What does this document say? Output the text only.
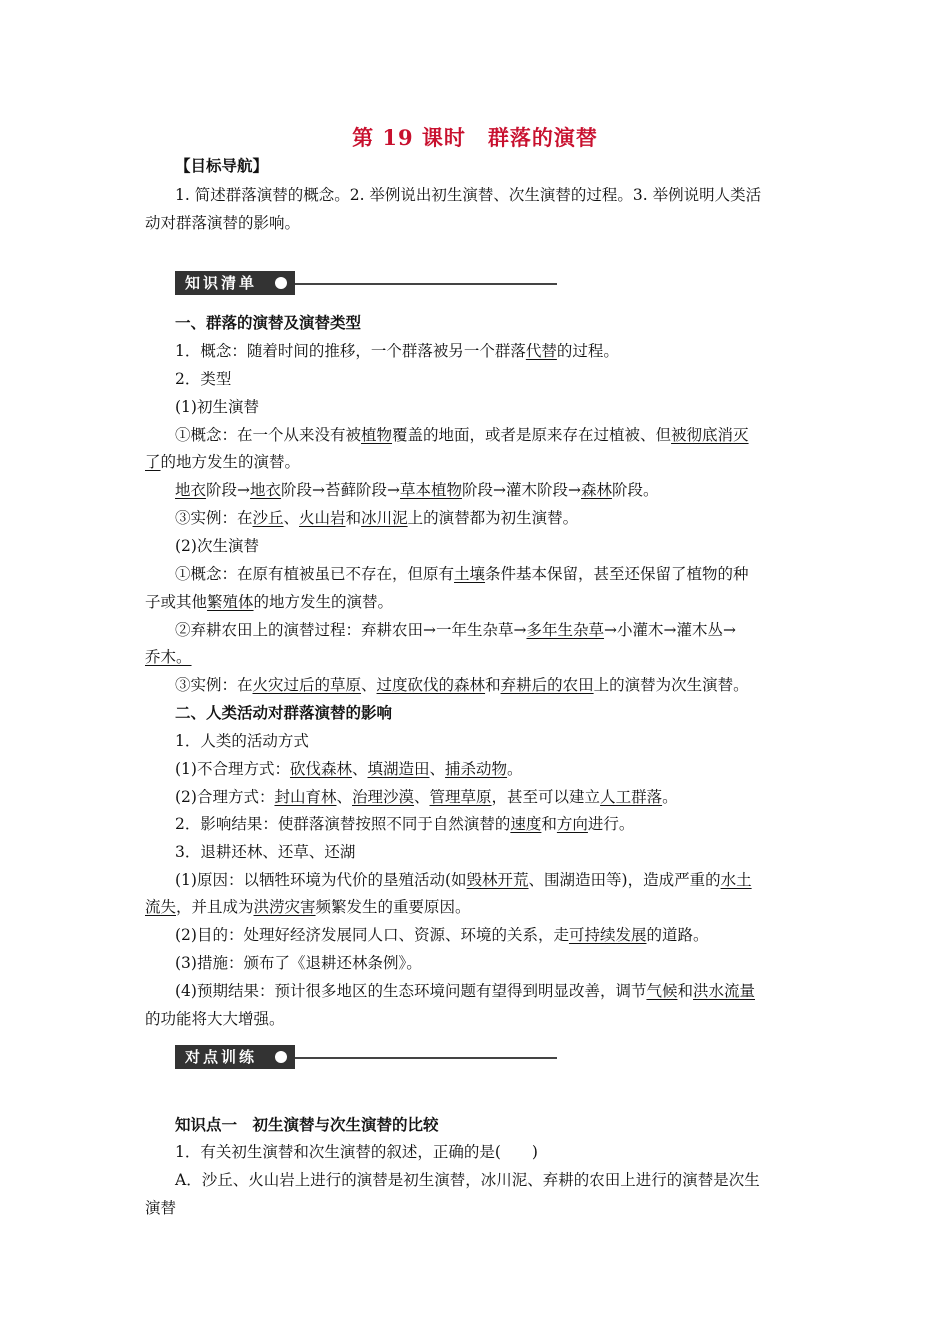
第 19 课时　群落的演替
【目标导航】
1. 简述群落演替的概念。2. 举例说出初生演替、次生演替的过程。3. 举例说明人类活
动对群落演替的影响。
知识清单
一、群落的演替及演替类型
1．概念：随着时间的推移，一个群落被另一个群落代替的过程。
2．类型
(1)初生演替
①概念：在一个从来没有被植物覆盖的地面，或者是原来存在过植被、但被彻底消灭
了的地方发生的演替。
地衣阶段→地衣阶段→苔藓阶段→草本植物阶段→灌木阶段→森林阶段。
③实例：在沙丘、火山岩和冰川泥上的演替都为初生演替。
(2)次生演替
①概念：在原有植被虽已不存在，但原有土壤条件基本保留，甚至还保留了植物的种
子或其他繁殖体的地方发生的演替。
②弃耕农田上的演替过程：弃耕农田→一年生杂草→多年生杂草→小灌木→灌木丛→
乔木。
③实例：在火灾过后的草原、过度砍伐的森林和弃耕后的农田上的演替为次生演替。
二、人类活动对群落演替的影响
1．人类的活动方式
(1)不合理方式：砍伐森林、填湖造田、捕杀动物。
(2)合理方式：封山育林、治理沙漠、管理草原，甚至可以建立人工群落。
2．影响结果：使群落演替按照不同于自然演替的速度和方向进行。
3．退耕还林、还草、还湖
(1)原因：以牺牲环境为代价的垦殖活动(如毁林开荒、围湖造田等)，造成严重的水土
流失，并且成为洪涝灾害频繁发生的重要原因。
(2)目的：处理好经济发展同人口、资源、环境的关系，走可持续发展的道路。
(3)措施：颁布了《退耕还林条例》。
(4)预期结果：预计很多地区的生态环境问题有望得到明显改善，调节气候和洪水流量
的功能将大大增强。
对点训练
知识点一　初生演替与次生演替的比较
1．有关初生演替和次生演替的叙述，正确的是(　　)
A．沙丘、火山岩上进行的演替是初生演替，冰川泥、弃耕的农田上进行的演替是次生
演替
